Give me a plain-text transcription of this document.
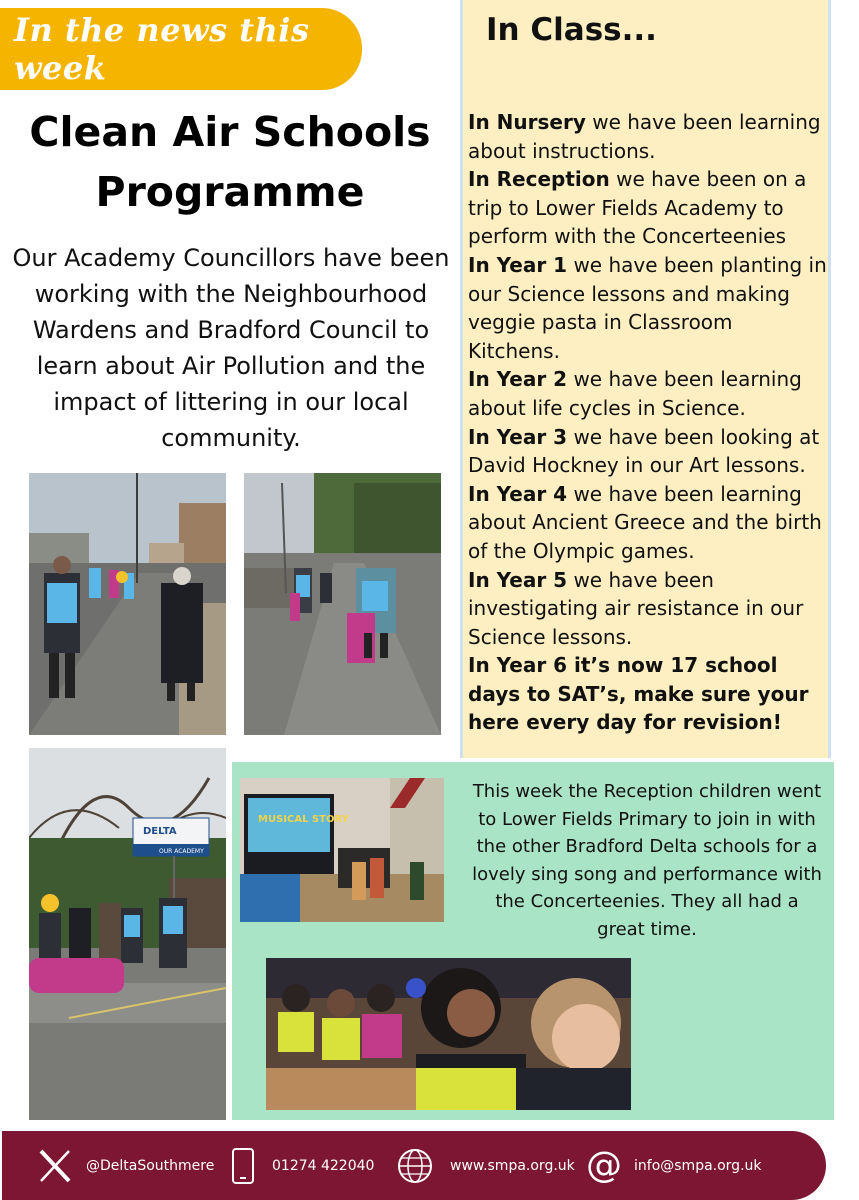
In the news this week
Clean Air Schools Programme
Our Academy Councillors have been working with the Neighbourhood Wardens and Bradford Council to learn about Air Pollution and the impact of littering in our local community.
DELTA
OUR ACADEMY
In Class...

In Nursery we have been learning about instructions.

In Reception we have been on a trip to Lower Fields Academy to perform with the Concerteenies

In Year 1 we have been planting in our Science lessons and making veggie pasta in Classroom Kitchens.

In Year 2 we have been learning about life cycles in Science.

In Year 3 we have been looking at David Hockney in our Art lessons.

In Year 4 we have been learning about Ancient Greece and the birth of the Olympic games.

In Year 5 we have been investigating air resistance in our Science lessons.

In Year 6 it’s now 17 school days to SAT’s, make sure your here every day for revision!

MUSICAL STORY
This week the Reception children went to Lower Fields Primary to join in with the other Bradford Delta schools for a lovely sing song and performance with the Concerteenies. They all had a great time.
@DeltaSouthmere	01274 422040	www.smpa.org.uk @ info@smpa.org.uk
